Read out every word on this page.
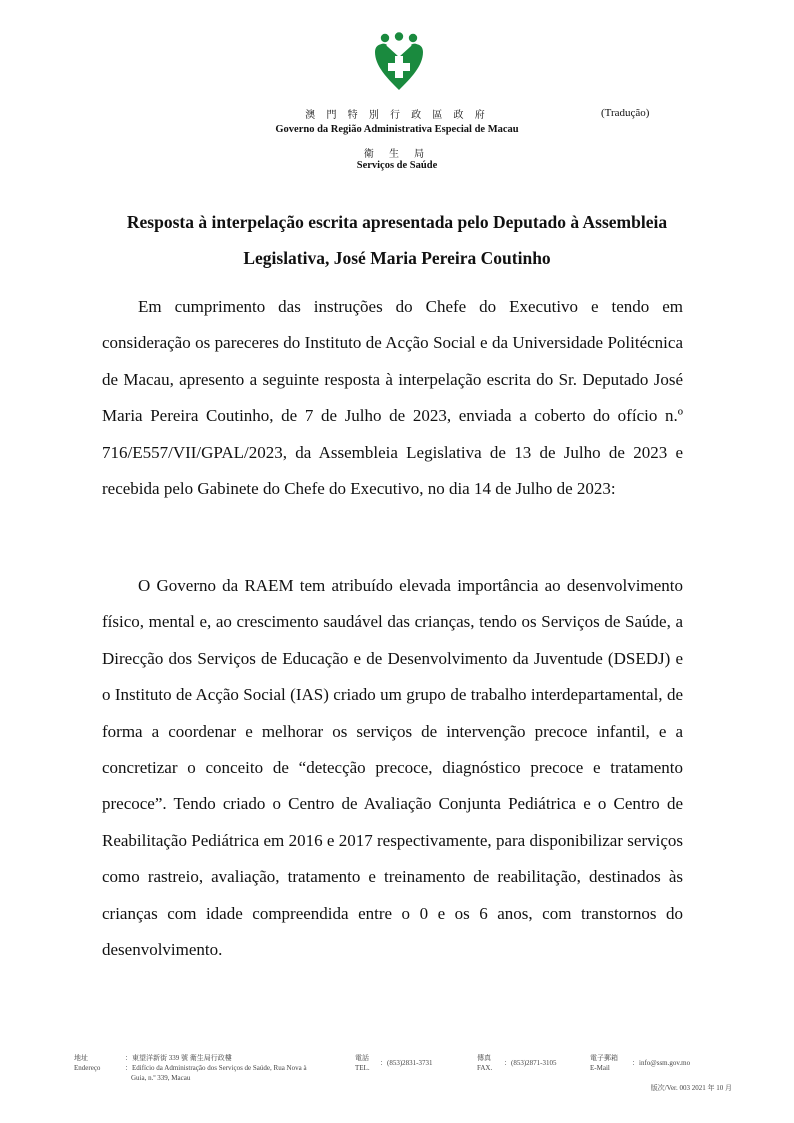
澳 門 特 別 行 政 區 政 府	(Tradução)
Governo da Região Administrativa Especial de Macau
衛 生 局
Serviços de Saúde

Resposta à interpelação escrita apresentada pelo Deputado à Assembleia Legislativa, José Maria Pereira Coutinho

Em cumprimento das instruções do Chefe do Executivo e tendo em consideração os pareceres do Instituto de Acção Social e da Universidade Politécnica de Macau, apresento a seguinte resposta à interpelação escrita do Sr. Deputado José Maria Pereira Coutinho, de 7 de Julho de 2023, enviada a coberto do ofício n.º 716/E557/VII/GPAL/2023, da Assembleia Legislativa de 13 de Julho de 2023 e recebida pelo Gabinete do Chefe do Executivo, no dia 14 de Julho de 2023:

O Governo da RAEM tem atribuído elevada importância ao desenvolvimento físico, mental e, ao crescimento saudável das crianças, tendo os Serviços de Saúde, a Direcção dos Serviços de Educação e de Desenvolvimento da Juventude (DSEDJ) e o Instituto de Acção Social (IAS) criado um grupo de trabalho interdepartamental, de forma a coordenar e melhorar os serviços de intervenção precoce infantil, e a concretizar o conceito de “detecção precoce, diagnóstico precoce e tratamento precoce”. Tendo criado o Centro de Avaliação Conjunta Pediátrica e o Centro de Reabilitação Pediátrica em 2016 e 2017 respectivamente, para disponibilizar serviços como rastreio, avaliação, tratamento e treinamento de reabilitação, destinados às crianças com idade compreendida entre o 0 e os 6 anos, com transtornos do desenvolvimento.

地址
Endereço
：東望洋新街 339 號 衛生局行政樓
：Edifício da Administração dos Serviços de Saúde, Rua Nova à
Guia, n.º 339, Macau
電話
TEL.
：(853)2831-3731
傳真
FAX.
：(853)2871-3105
電子郵箱
E-Mail
：info@ssm.gov.mo
版次/Ver. 003 2021 年 10 月
